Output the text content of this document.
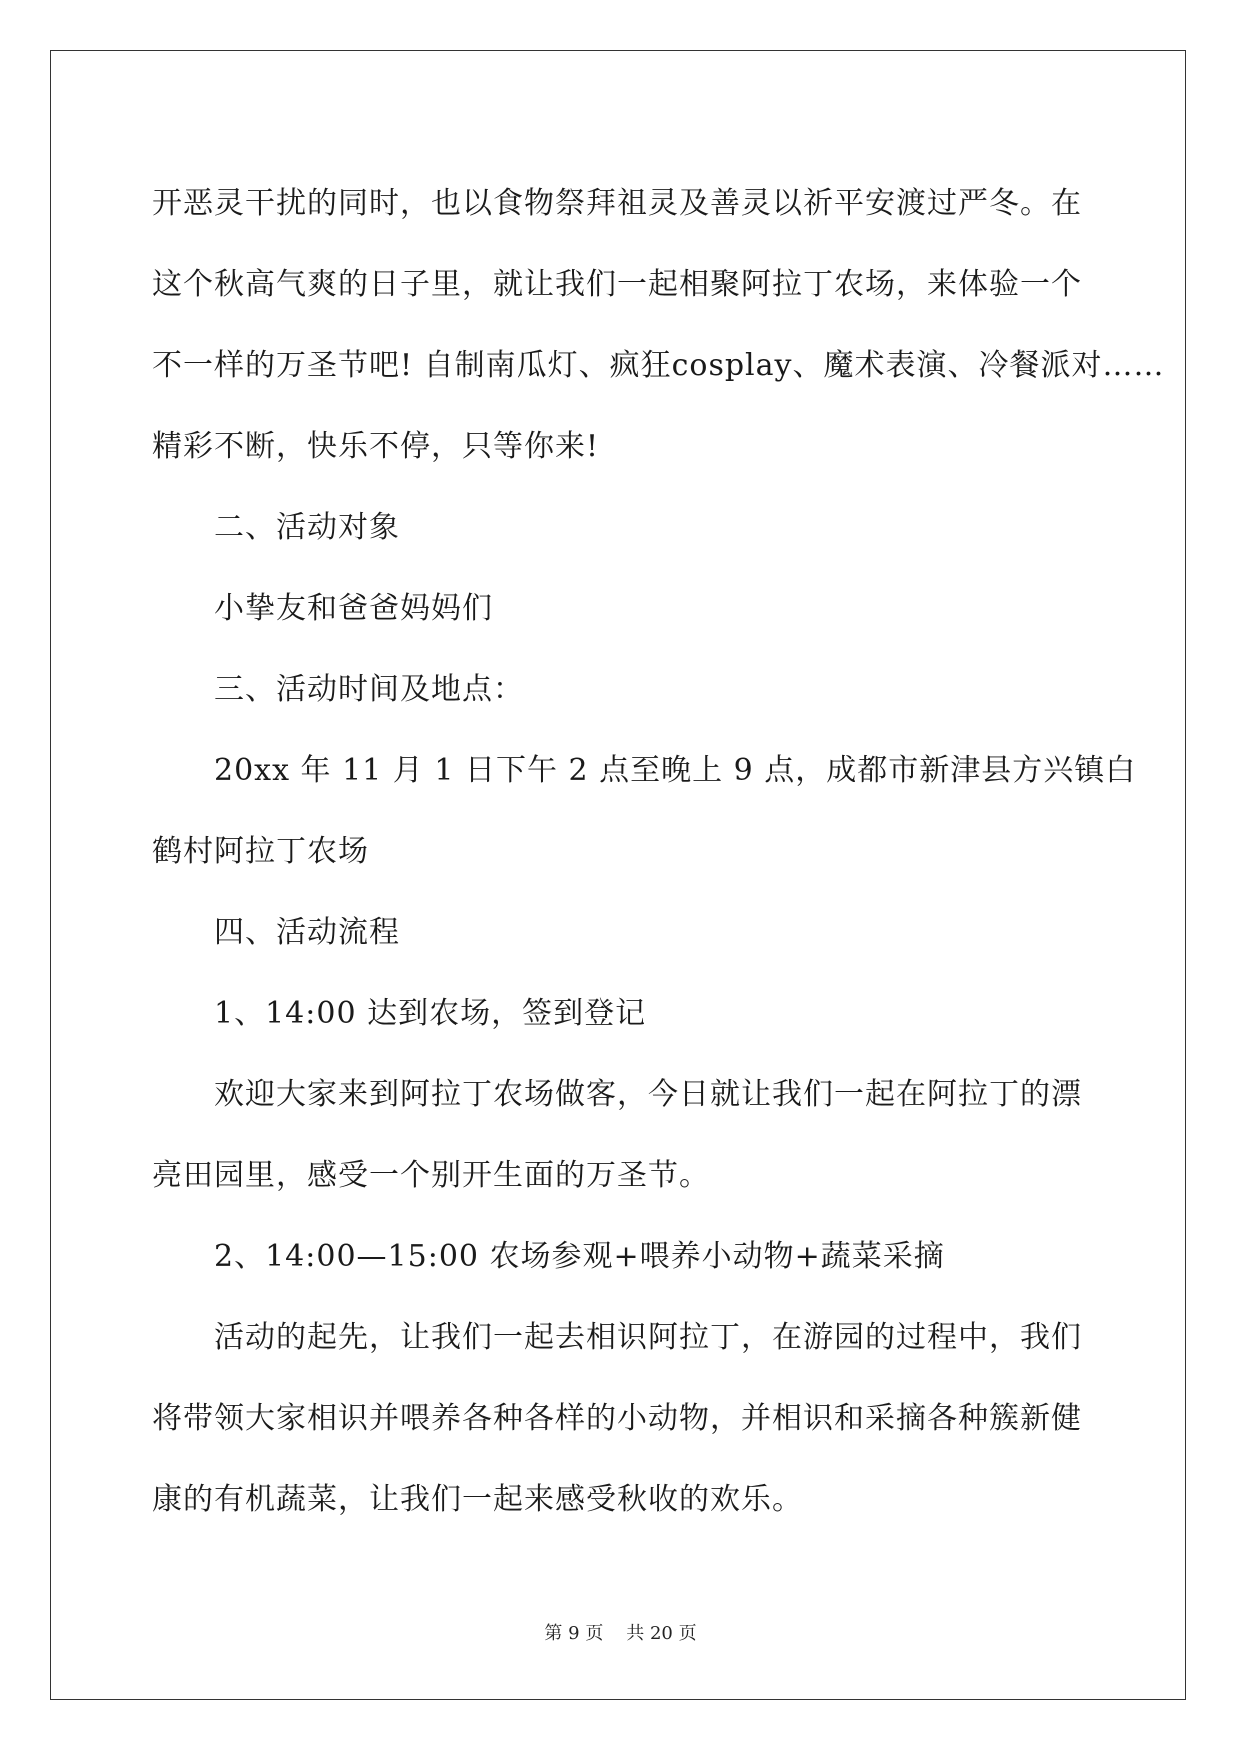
开恶灵干扰的同时，也以食物祭拜祖灵及善灵以祈平安渡过严冬。在
这个秋高气爽的日子里，就让我们一起相聚阿拉丁农场，来体验一个
不一样的万圣节吧! 自制南瓜灯、疯狂cosplay、魔术表演、冷餐派对……
精彩不断，快乐不停，只等你来!
二、活动对象
小挚友和爸爸妈妈们
三、活动时间及地点：
20xx 年 11 月 1 日下午 2 点至晚上 9 点，成都市新津县方兴镇白
鹤村阿拉丁农场
四、活动流程
1、14:00 达到农场，签到登记
欢迎大家来到阿拉丁农场做客，今日就让我们一起在阿拉丁的漂
亮田园里，感受一个别开生面的万圣节。
2、14:00—15:00 农场参观+喂养小动物+蔬菜采摘
活动的起先，让我们一起去相识阿拉丁，在游园的过程中，我们
将带领大家相识并喂养各种各样的小动物，并相识和采摘各种簇新健
康的有机蔬菜，让我们一起来感受秋收的欢乐。
第 9 页 共 20 页
